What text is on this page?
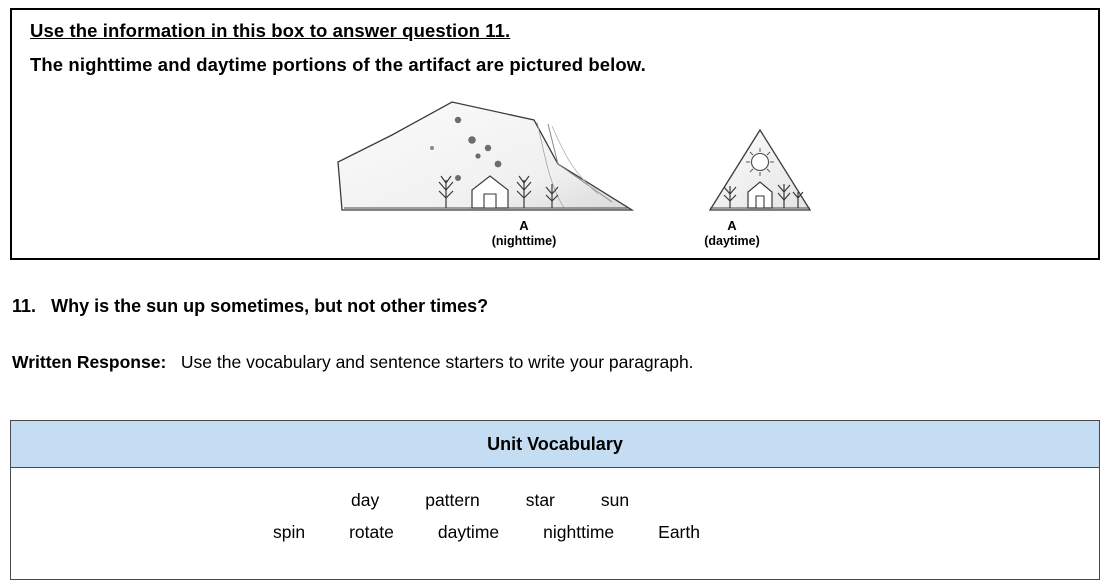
Use the information in this box to answer question 11.
The nighttime and daytime portions of the artifact are pictured below.
A
(nighttime)
A
(daytime)
11. Why is the sun up sometimes, but not other times?
Written Response: Use the vocabulary and sentence starters to write your paragraph.
Unit Vocabulary
day	pattern	star	sun
spin	rotate	daytime	nighttime	Earth
